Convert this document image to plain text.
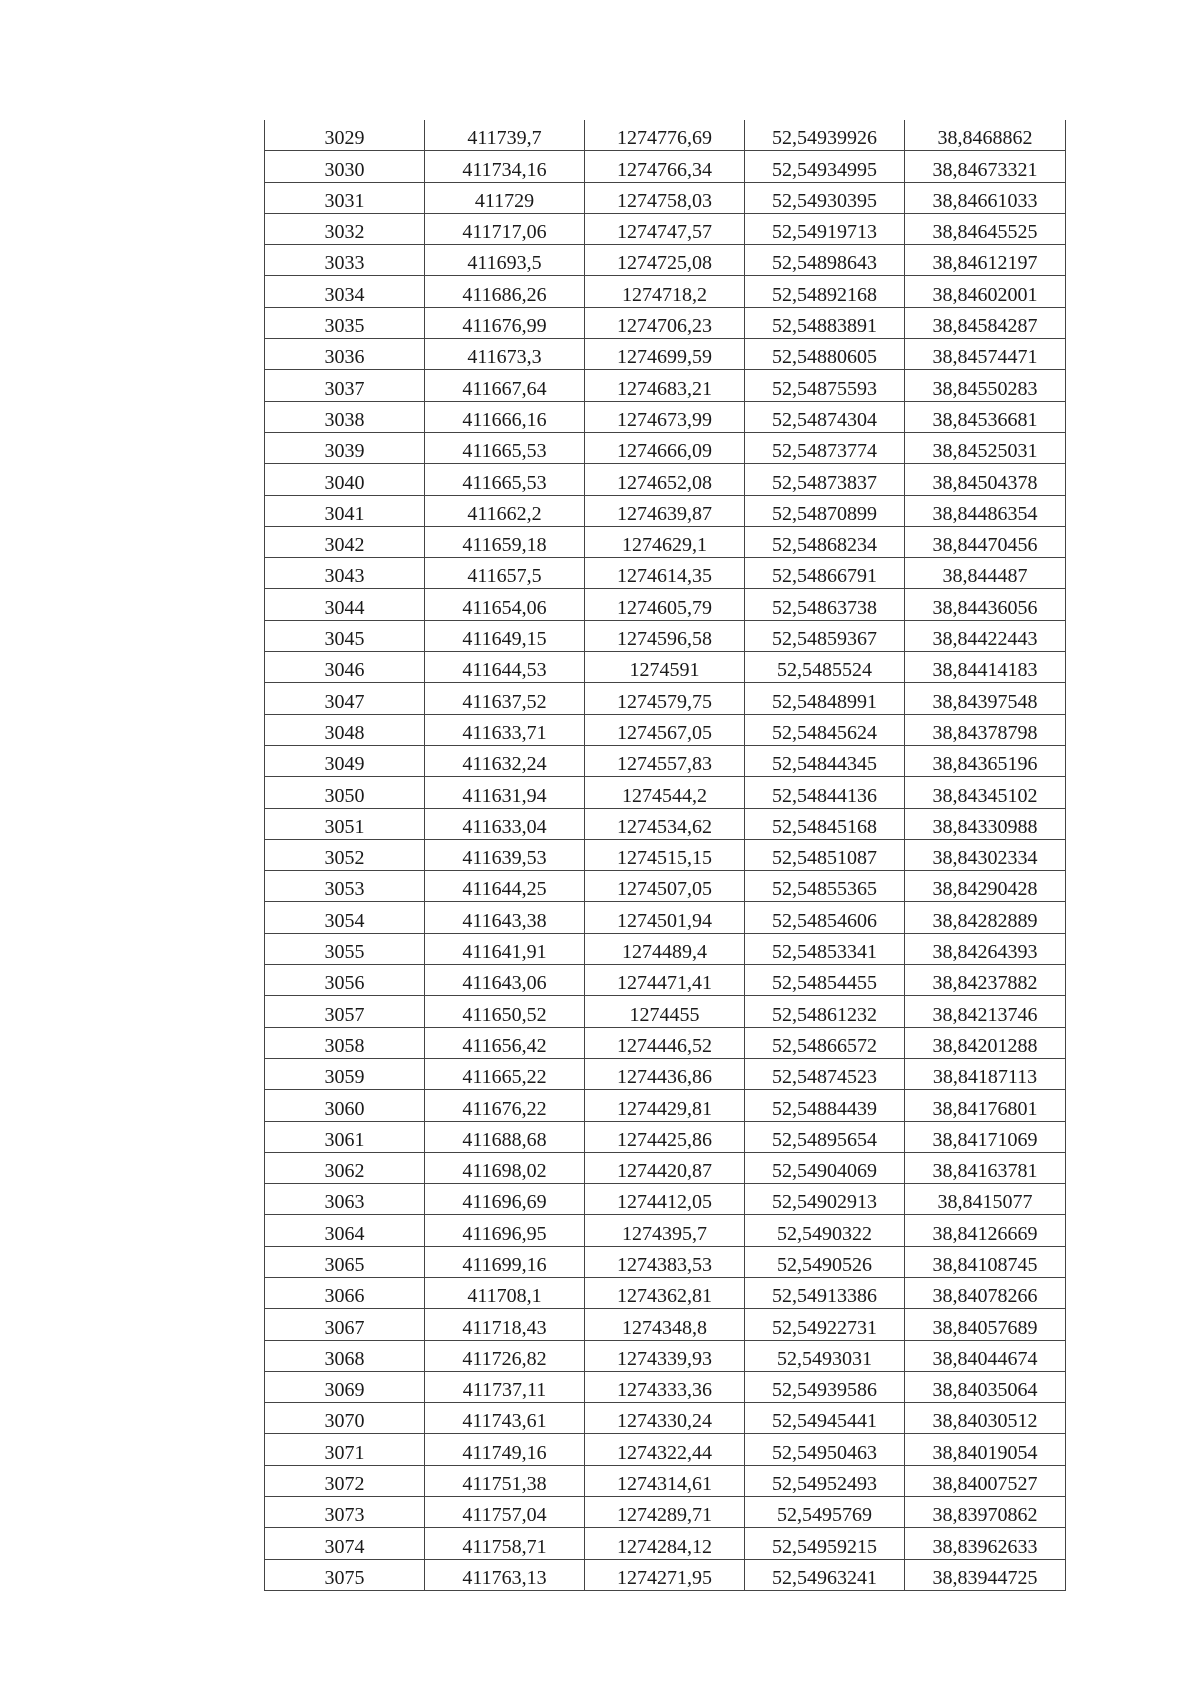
3029	411739,7	1274776,69	52,54939926	38,8468862
3030	411734,16	1274766,34	52,54934995	38,84673321
3031	411729	1274758,03	52,54930395	38,84661033
3032	411717,06	1274747,57	52,54919713	38,84645525
3033	411693,5	1274725,08	52,54898643	38,84612197
3034	411686,26	1274718,2	52,54892168	38,84602001
3035	411676,99	1274706,23	52,54883891	38,84584287
3036	411673,3	1274699,59	52,54880605	38,84574471
3037	411667,64	1274683,21	52,54875593	38,84550283
3038	411666,16	1274673,99	52,54874304	38,84536681
3039	411665,53	1274666,09	52,54873774	38,84525031
3040	411665,53	1274652,08	52,54873837	38,84504378
3041	411662,2	1274639,87	52,54870899	38,84486354
3042	411659,18	1274629,1	52,54868234	38,84470456
3043	411657,5	1274614,35	52,54866791	38,844487
3044	411654,06	1274605,79	52,54863738	38,84436056
3045	411649,15	1274596,58	52,54859367	38,84422443
3046	411644,53	1274591	52,5485524	38,84414183
3047	411637,52	1274579,75	52,54848991	38,84397548
3048	411633,71	1274567,05	52,54845624	38,84378798
3049	411632,24	1274557,83	52,54844345	38,84365196
3050	411631,94	1274544,2	52,54844136	38,84345102
3051	411633,04	1274534,62	52,54845168	38,84330988
3052	411639,53	1274515,15	52,54851087	38,84302334
3053	411644,25	1274507,05	52,54855365	38,84290428
3054	411643,38	1274501,94	52,54854606	38,84282889
3055	411641,91	1274489,4	52,54853341	38,84264393
3056	411643,06	1274471,41	52,54854455	38,84237882
3057	411650,52	1274455	52,54861232	38,84213746
3058	411656,42	1274446,52	52,54866572	38,84201288
3059	411665,22	1274436,86	52,54874523	38,84187113
3060	411676,22	1274429,81	52,54884439	38,84176801
3061	411688,68	1274425,86	52,54895654	38,84171069
3062	411698,02	1274420,87	52,54904069	38,84163781
3063	411696,69	1274412,05	52,54902913	38,8415077
3064	411696,95	1274395,7	52,5490322	38,84126669
3065	411699,16	1274383,53	52,5490526	38,84108745
3066	411708,1	1274362,81	52,54913386	38,84078266
3067	411718,43	1274348,8	52,54922731	38,84057689
3068	411726,82	1274339,93	52,5493031	38,84044674
3069	411737,11	1274333,36	52,54939586	38,84035064
3070	411743,61	1274330,24	52,54945441	38,84030512
3071	411749,16	1274322,44	52,54950463	38,84019054
3072	411751,38	1274314,61	52,54952493	38,84007527
3073	411757,04	1274289,71	52,5495769	38,83970862
3074	411758,71	1274284,12	52,54959215	38,83962633
3075	411763,13	1274271,95	52,54963241	38,83944725
